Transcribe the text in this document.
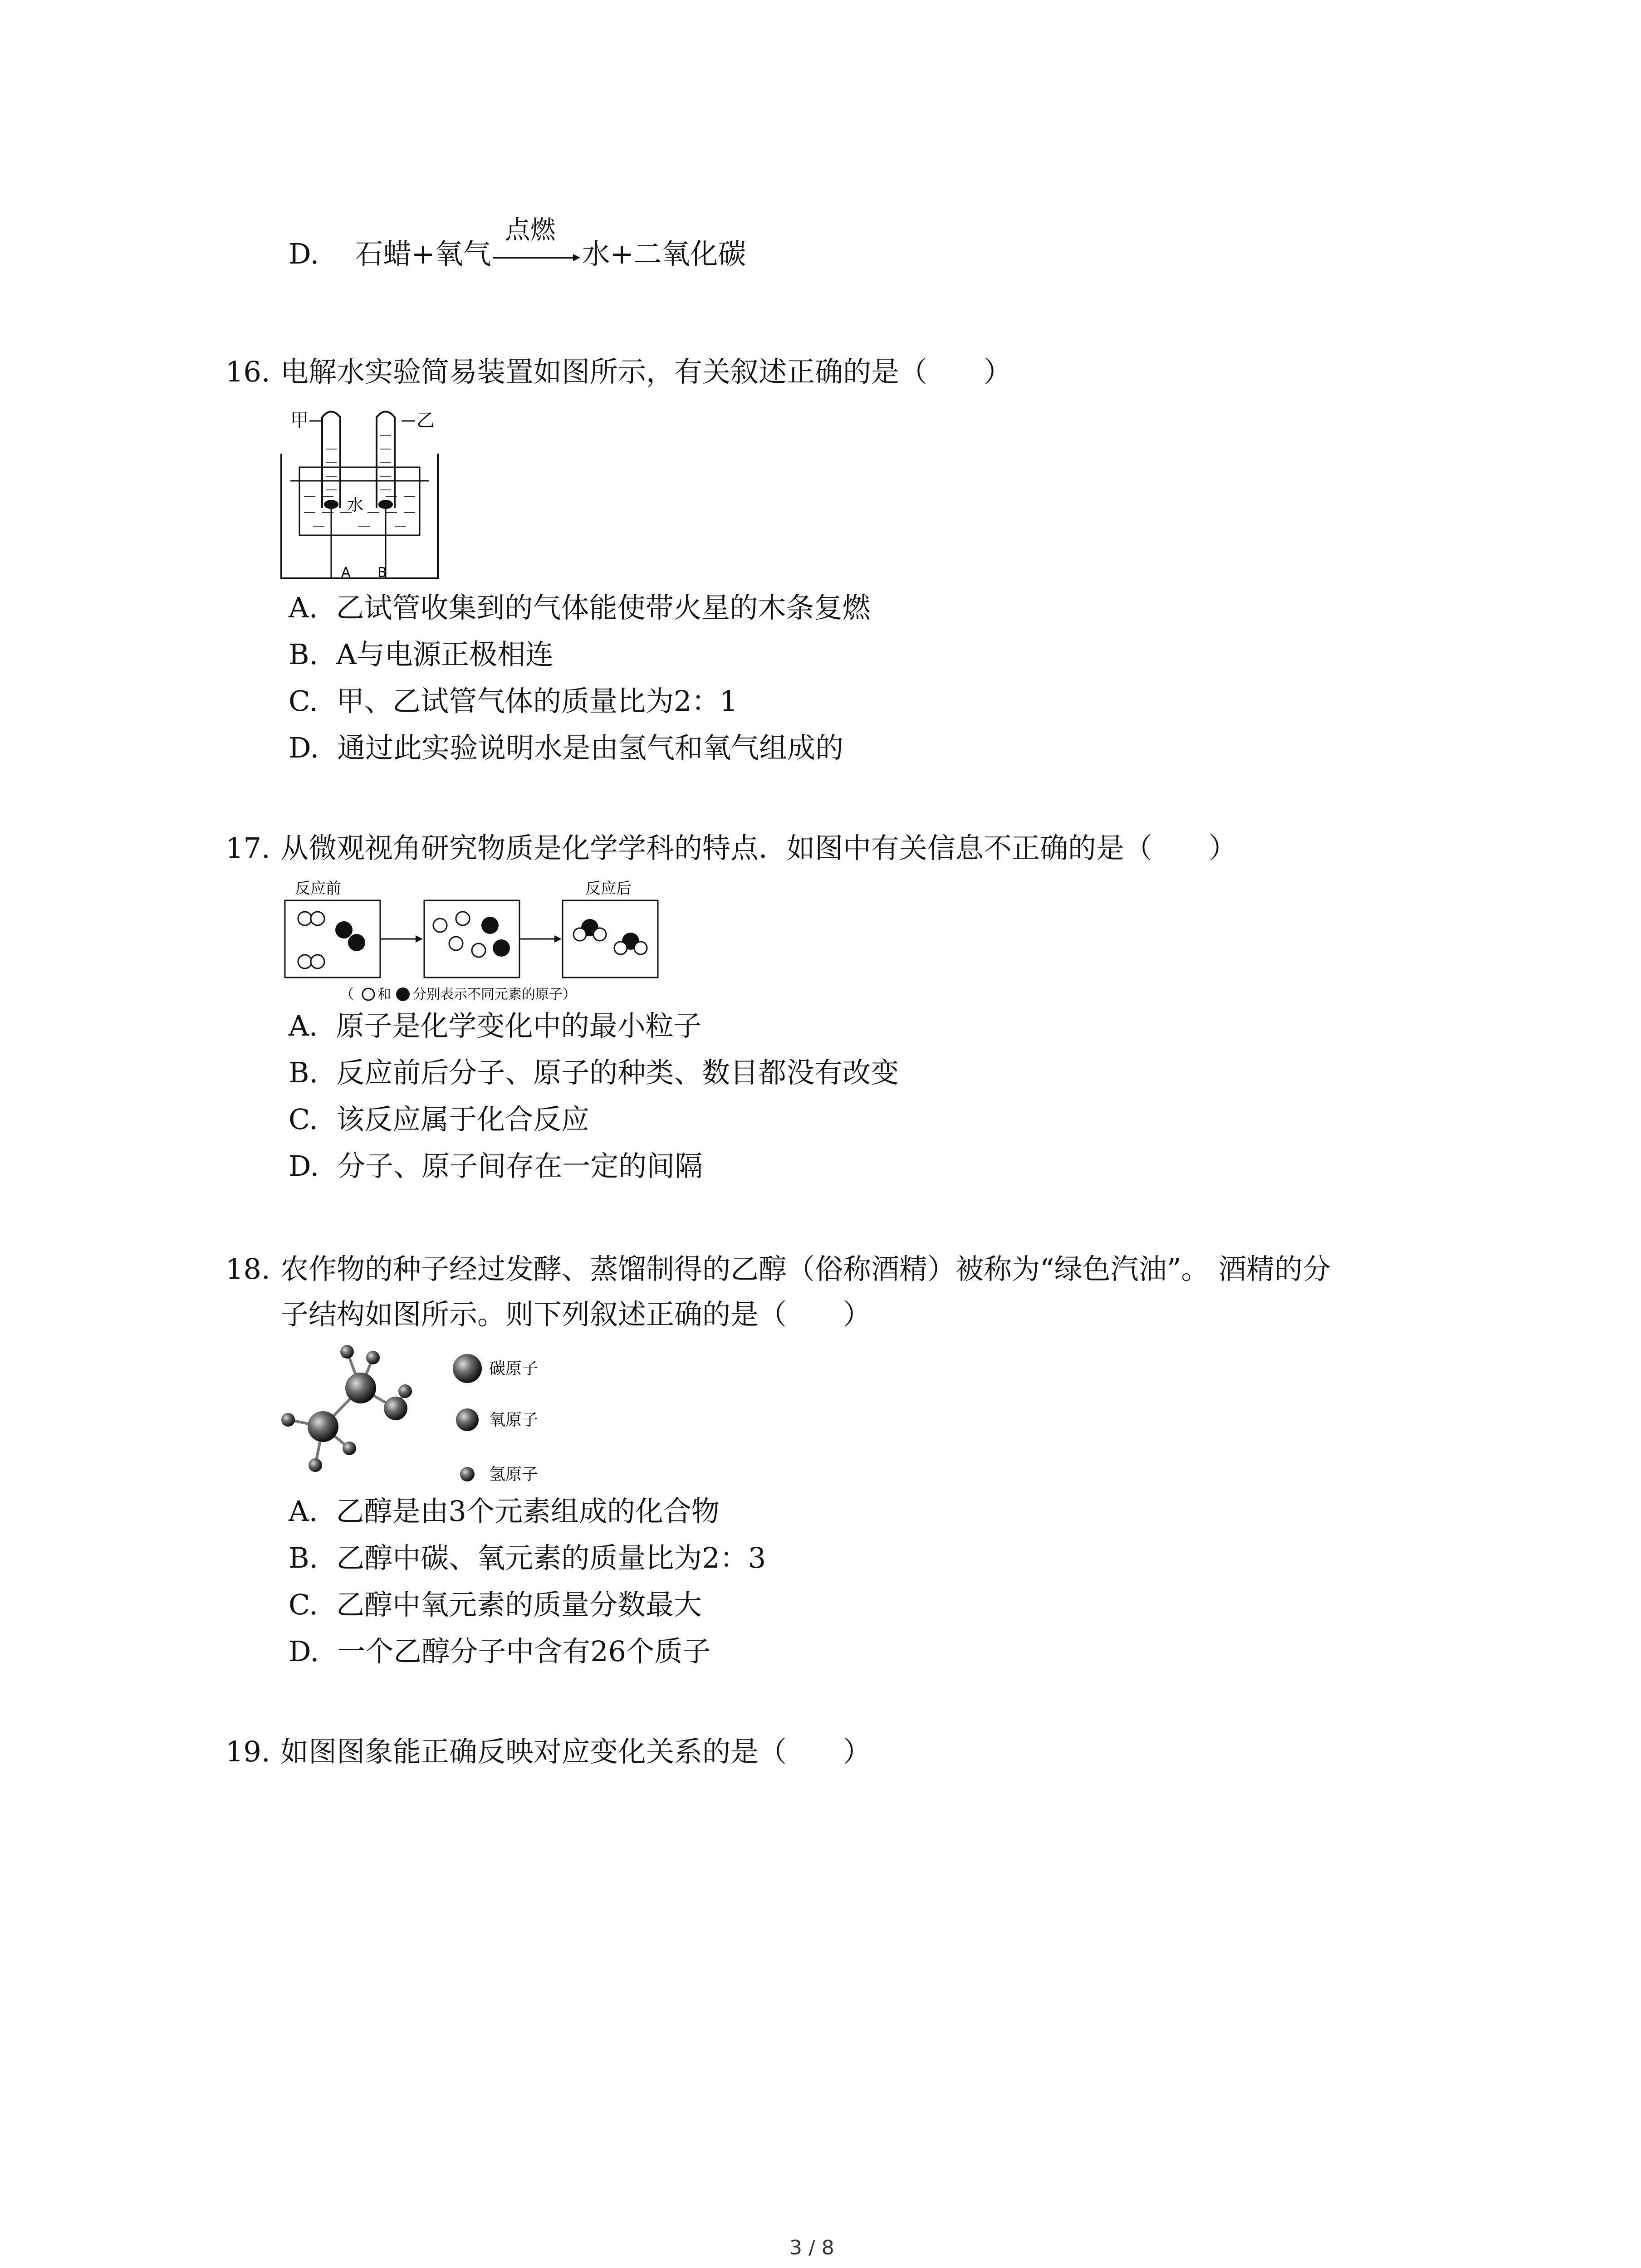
D. 石蜡+氧气
点燃
水+二氧化碳
16. 电解水实验简易装置如图所示，有关叙述正确的是（　　）
甲	乙
水
A B
A. 乙试管收集到的气体能使带火星的木条复燃
B. A与电源正极相连
C. 甲、乙试管气体的质量比为2：1
D. 通过此实验说明水是由氢气和氧气组成的
17. 从微观视角研究物质是化学学科的特点．如图中有关信息不正确的是（　　）
反应前	反应后
（ 和 分别表示不同元素的原子）
A. 原子是化学变化中的最小粒子
B. 反应前后分子、原子的种类、数目都没有改变
C. 该反应属于化合反应
D. 分子、原子间存在一定的间隔
18. 农作物的种子经过发酵、蒸馏制得的乙醇（俗称酒精）被称为“绿色汽油”。 酒精的分
子结构如图所示。则下列叙述正确的是（　　）
碳原子
氧原子
氢原子
A. 乙醇是由3个元素组成的化合物
B. 乙醇中碳、氧元素的质量比为2：3
C. 乙醇中氧元素的质量分数最大
D. 一个乙醇分子中含有26个质子
19. 如图图象能正确反映对应变化关系的是（　　）
3 / 8
